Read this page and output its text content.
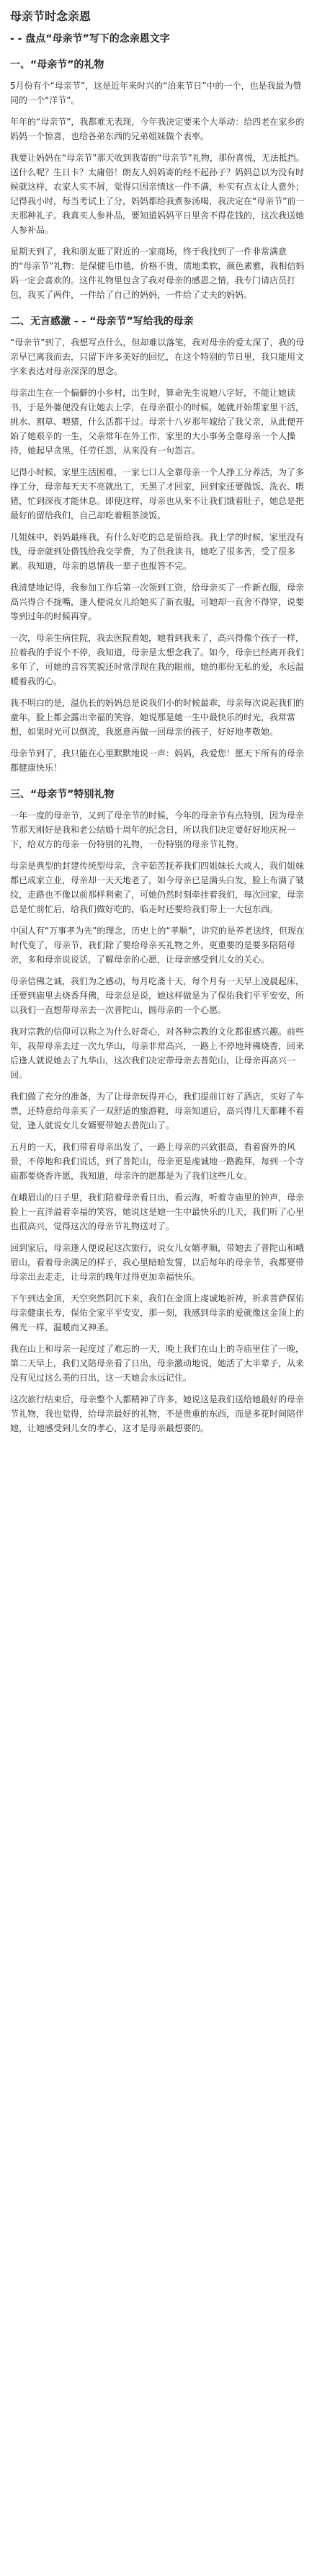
母亲节时念亲恩
- - 盘点“母亲节”写下的念亲恩文字
一、“母亲节”的礼物

5月份有个“母亲节”，这是近年来时兴的“泊来节日”中的一个，也是我最为赞同的一个“洋节”。

年年的“母亲节”，我都难无表现，今年我决定要来个大举动：给四老在家乡的妈妈一个惊喜，也给各弟东西的兄弟姐妹做个表率。

我要让妈妈在“母亲节”那天收到我寄的“母亲节”礼物，那份喜悦，无法抵挡。送什么呢？生日卡？太庸俗！朗友人妈妈寄的经不起孙子？妈妈总以为没有时候就这样，农家人实不屑，觉得只因亲情这一件不满，朴实有点太让人意外；记得我小时，每当考试上了分，妈妈都给我煮参汤喝，我决定在“母亲节”前一天那种礼子。我真买人参补品，要知道妈妈平日里舍不得花钱的，这次我送她人参补品。

星期天到了，我和朋友逛了附近的一家商场，终于我找到了一件非常满意的“母亲节”礼物：是保健毛巾毯，价格不贵，质地柔软，颜色素雅，我相信妈妈一定会喜欢的。这件礼物里包含了我对母亲的感恩之情，我专门请店员打包，我买了两件，一件给了自己的妈妈，一件给了丈夫的妈妈。

二、无言感激 - - “母亲节”写给我的母亲

“母亲节”到了，我想写点什么，但却难以落笔，我对母亲的爱太深了，我的母亲早已离我而去，只留下许多美好的回忆，在这个特别的节日里，我只能用文字来表达对母亲深深的思念。

母亲出生在一个偏僻的小乡村，出生时，算命先生说她八字好，不能让她读书，于是外婆便没有让她去上学，在母亲很小的时候，她就开始帮家里干活，挑水、割草、喂猪，什么活都干过。母亲十八岁那年嫁给了我父亲，从此便开始了她艰辛的一生，父亲常年在外工作，家里的大小事务全靠母亲一个人操持，她起早贪黑，任劳任怨，从来没有一句怨言。

记得小时候，家里生活困难，一家七口人全靠母亲一个人挣工分养活，为了多挣工分，母亲每天天不亮就出工，天黑了才回家，回到家还要做饭、洗衣、喂猪，忙到深夜才能休息。即使这样，母亲也从来不让我们饿着肚子，她总是把最好的留给我们，自己却吃着粗茶淡饭。

几姐妹中，妈妈最疼我，有什么好吃的总是留给我。我上学的时候，家里没有钱，母亲就到处借钱给我交学费，为了供我读书，她吃了很多苦，受了很多累。我知道，母亲的恩情我一辈子也报答不完。

我清楚地记得，我参加工作后第一次领到工资，给母亲买了一件新衣服，母亲高兴得合不拢嘴，逢人便说女儿给她买了新衣服，可她却一直舍不得穿，说要等到过年的时候再穿。

一次，母亲生病住院，我去医院看她，她看到我来了，高兴得像个孩子一样，拉着我的手说个不停，我知道，母亲是太想念我了。如今，母亲已经离开我们多年了，可她的音容笑貌还时常浮现在我的眼前，她的那份无私的爱，永远温暖着我的心。

我不明白的是，温仇长的妈妈总是说我们小的时候最乖，母亲每次说起我们的童年，脸上都会露出幸福的笑容，她说那是她一生中最快乐的时光，我常常想，如果时光可以倒流，我愿意再做一回母亲的孩子，好好地孝敬她。

母亲节到了，我只能在心里默默地说一声：妈妈，我爱您！愿天下所有的母亲都健康快乐！

三、“母亲节”特别礼物

一年一度的母亲节，又到了母亲节的时候，今年的母亲节有点特别，因为母亲节那天刚好是我和老公结婚十周年的纪念日，所以我们决定要好好地庆祝一下，给双方的母亲一份特别的礼物，一份特别的母亲节礼物。

母亲是典型的封建传统型母亲，含辛茹苦抚养我们四姐妹长大成人，我们姐妹都已成家立业，母亲却一天天地老了，如今母亲已是满头白发，脸上布满了皱纹，走路也不像以前那样利索了，可她仍然时刻牵挂着我们，每次回家，母亲总是忙前忙后，给我们做好吃的，临走时还要给我们带上一大包东西。

中国人有“万事孝为先”的理念，历史上的“孝顺”，讲究的是养老送终，但现在时代变了，母亲节，我们除了要给母亲买礼物之外，更重要的是要多陪陪母亲，多和母亲说说话，了解母亲的心愿，让母亲感受到儿女的关心。

母亲信佛之诚，我们为之感动，每月吃斋十天，每个月有一天早上凌晨起床，还要到庙里去烧香拜佛，母亲总是说，她这样做是为了保佑我们平平安安，所以我们一直想带母亲去一次普陀山，圆母亲的一个心愿。

我对宗教的信仰可以称之为什么好奇心，对各种宗教的文化都很感兴趣。前些年，我带母亲去过一次九华山，母亲非常高兴，一路上不停地拜佛烧香，回来后逢人就说她去了九华山，这次我们决定带母亲去普陀山，让母亲再高兴一回。

我们做了充分的准备，为了让母亲玩得开心，我们提前订好了酒店，买好了车票，还特意给母亲买了一双舒适的旅游鞋，母亲知道后，高兴得几天都睡不着觉，逢人就说女儿女婿要带她去普陀山了。

五月的一天，我们带着母亲出发了，一路上母亲的兴致很高，看着窗外的风景，不停地和我们说话，到了普陀山，母亲更是虔诚地一路跪拜，每到一个寺庙都要烧香许愿，我知道，母亲许的愿都是为了我们这些儿女。

在峨眉山的日子里，我们陪着母亲看日出，看云海，听着寺庙里的钟声，母亲脸上一直洋溢着幸福的笑容，她说这是她一生中最快乐的几天，我们听了心里也很高兴，觉得这次的母亲节礼物送对了。

回到家后，母亲逢人便说起这次旅行，说女儿女婿孝顺，带她去了普陀山和峨眉山，看着母亲满足的样子，我心里暗暗发誓，以后每年的母亲节，我都要带母亲出去走走，让母亲的晚年过得更加幸福快乐。

下午到达金顶，天空突然阴沉下来，我们在金顶上虔诚地祈祷，祈求菩萨保佑母亲健康长寿，保佑全家平平安安，那一刻，我感到母亲的爱就像这金顶上的佛光一样，温暖而又神圣。

我在山上和母亲一起度过了难忘的一天，晚上我们在山上的寺庙里住了一晚，第二天早上，我们又陪母亲看了日出，母亲激动地说，她活了大半辈子，从来没有见过这么美的日出，这一天她会永远记住。

这次旅行结束后，母亲整个人都精神了许多，她说这是我们送给她最好的母亲节礼物，我也觉得，给母亲最好的礼物，不是贵重的东西，而是多花时间陪伴她，让她感受到儿女的孝心，这才是母亲最想要的。
